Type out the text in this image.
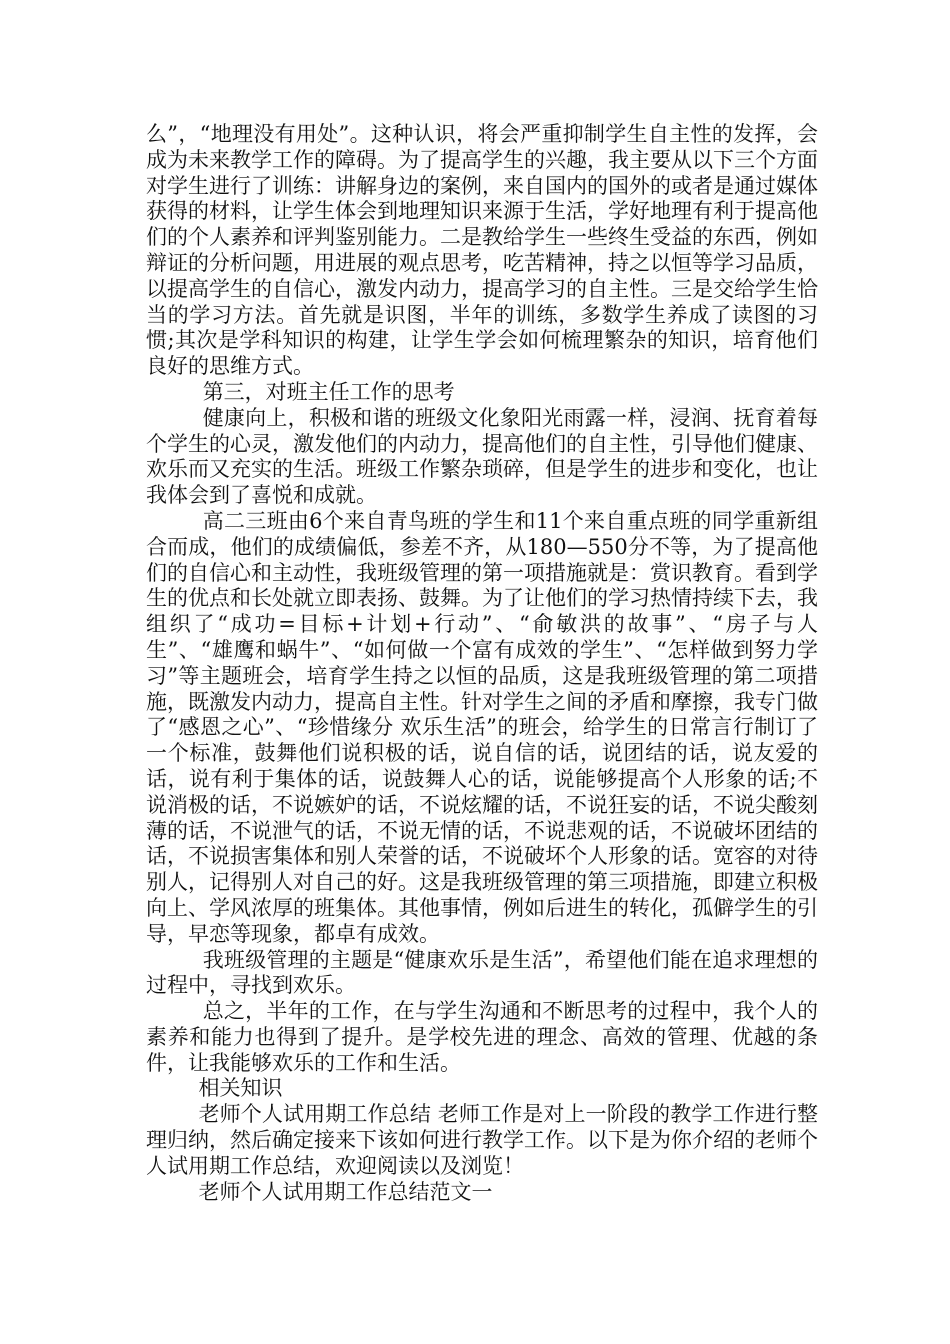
么”，“地理没有用处”。这种认识，将会严重抑制学生自主性的发挥，会成为未来教学工作的障碍。为了提高学生的兴趣，我主要从以下三个方面对学生进行了训练：讲解身边的案例，来自国内的国外的或者是通过媒体获得的材料，让学生体会到地理知识来源于生活，学好地理有利于提高他们的个人素养和评判鉴别能力。二是教给学生一些终生受益的东西，例如辩证的分析问题，用进展的观点思考，吃苦精神，持之以恒等学习品质，以提高学生的自信心，激发内动力，提高学习的自主性。三是交给学生恰当的学习方法。首先就是识图，半年的训练，多数学生养成了读图的习惯;其次是学科知识的构建，让学生学会如何梳理繁杂的知识，培育他们良好的思维方式。

第三，对班主任工作的思考

健康向上，积极和谐的班级文化象阳光雨露一样，浸润、抚育着每个学生的心灵，激发他们的内动力，提高他们的自主性，引导他们健康、欢乐而又充实的生活。班级工作繁杂琐碎，但是学生的进步和变化，也让我体会到了喜悦和成就。

高二三班由6个来自青鸟班的学生和11个来自重点班的同学重新组合而成，他们的成绩偏低，参差不齐，从180—550分不等，为了提高他们的自信心和主动性，我班级管理的第一项措施就是：赏识教育。看到学生的优点和长处就立即表扬、鼓舞。为了让他们的学习热情持续下去，我组织了“成功=目标+计划+行动”、“俞敏洪的故事”、“房子与人生”、“雄鹰和蜗牛”、“如何做一个富有成效的学生”、“怎样做到努力学习”等主题班会，培育学生持之以恒的品质，这是我班级管理的第二项措施，既激发内动力，提高自主性。针对学生之间的矛盾和摩擦，我专门做了“感恩之心”、“珍惜缘分 欢乐生活”的班会，给学生的日常言行制订了一个标准，鼓舞他们说积极的话，说自信的话，说团结的话，说友爱的话，说有利于集体的话，说鼓舞人心的话，说能够提高个人形象的话;不说消极的话，不说嫉妒的话，不说炫耀的话，不说狂妄的话，不说尖酸刻薄的话，不说泄气的话，不说无情的话，不说悲观的话，不说破坏团结的话，不说损害集体和别人荣誉的话，不说破坏个人形象的话。宽容的对待别人，记得别人对自己的好。这是我班级管理的第三项措施，即建立积极向上、学风浓厚的班集体。其他事情，例如后进生的转化，孤僻学生的引导，早恋等现象，都卓有成效。

我班级管理的主题是“健康欢乐是生活”，希望他们能在追求理想的过程中，寻找到欢乐。

总之，半年的工作，在与学生沟通和不断思考的过程中，我个人的素养和能力也得到了提升。是学校先进的理念、高效的管理、优越的条件，让我能够欢乐的工作和生活。

相关知识

老师个人试用期工作总结 老师工作是对上一阶段的教学工作进行整理归纳，然后确定接来下该如何进行教学工作。以下是为你介绍的老师个人试用期工作总结，欢迎阅读以及浏览！

老师个人试用期工作总结范文一
